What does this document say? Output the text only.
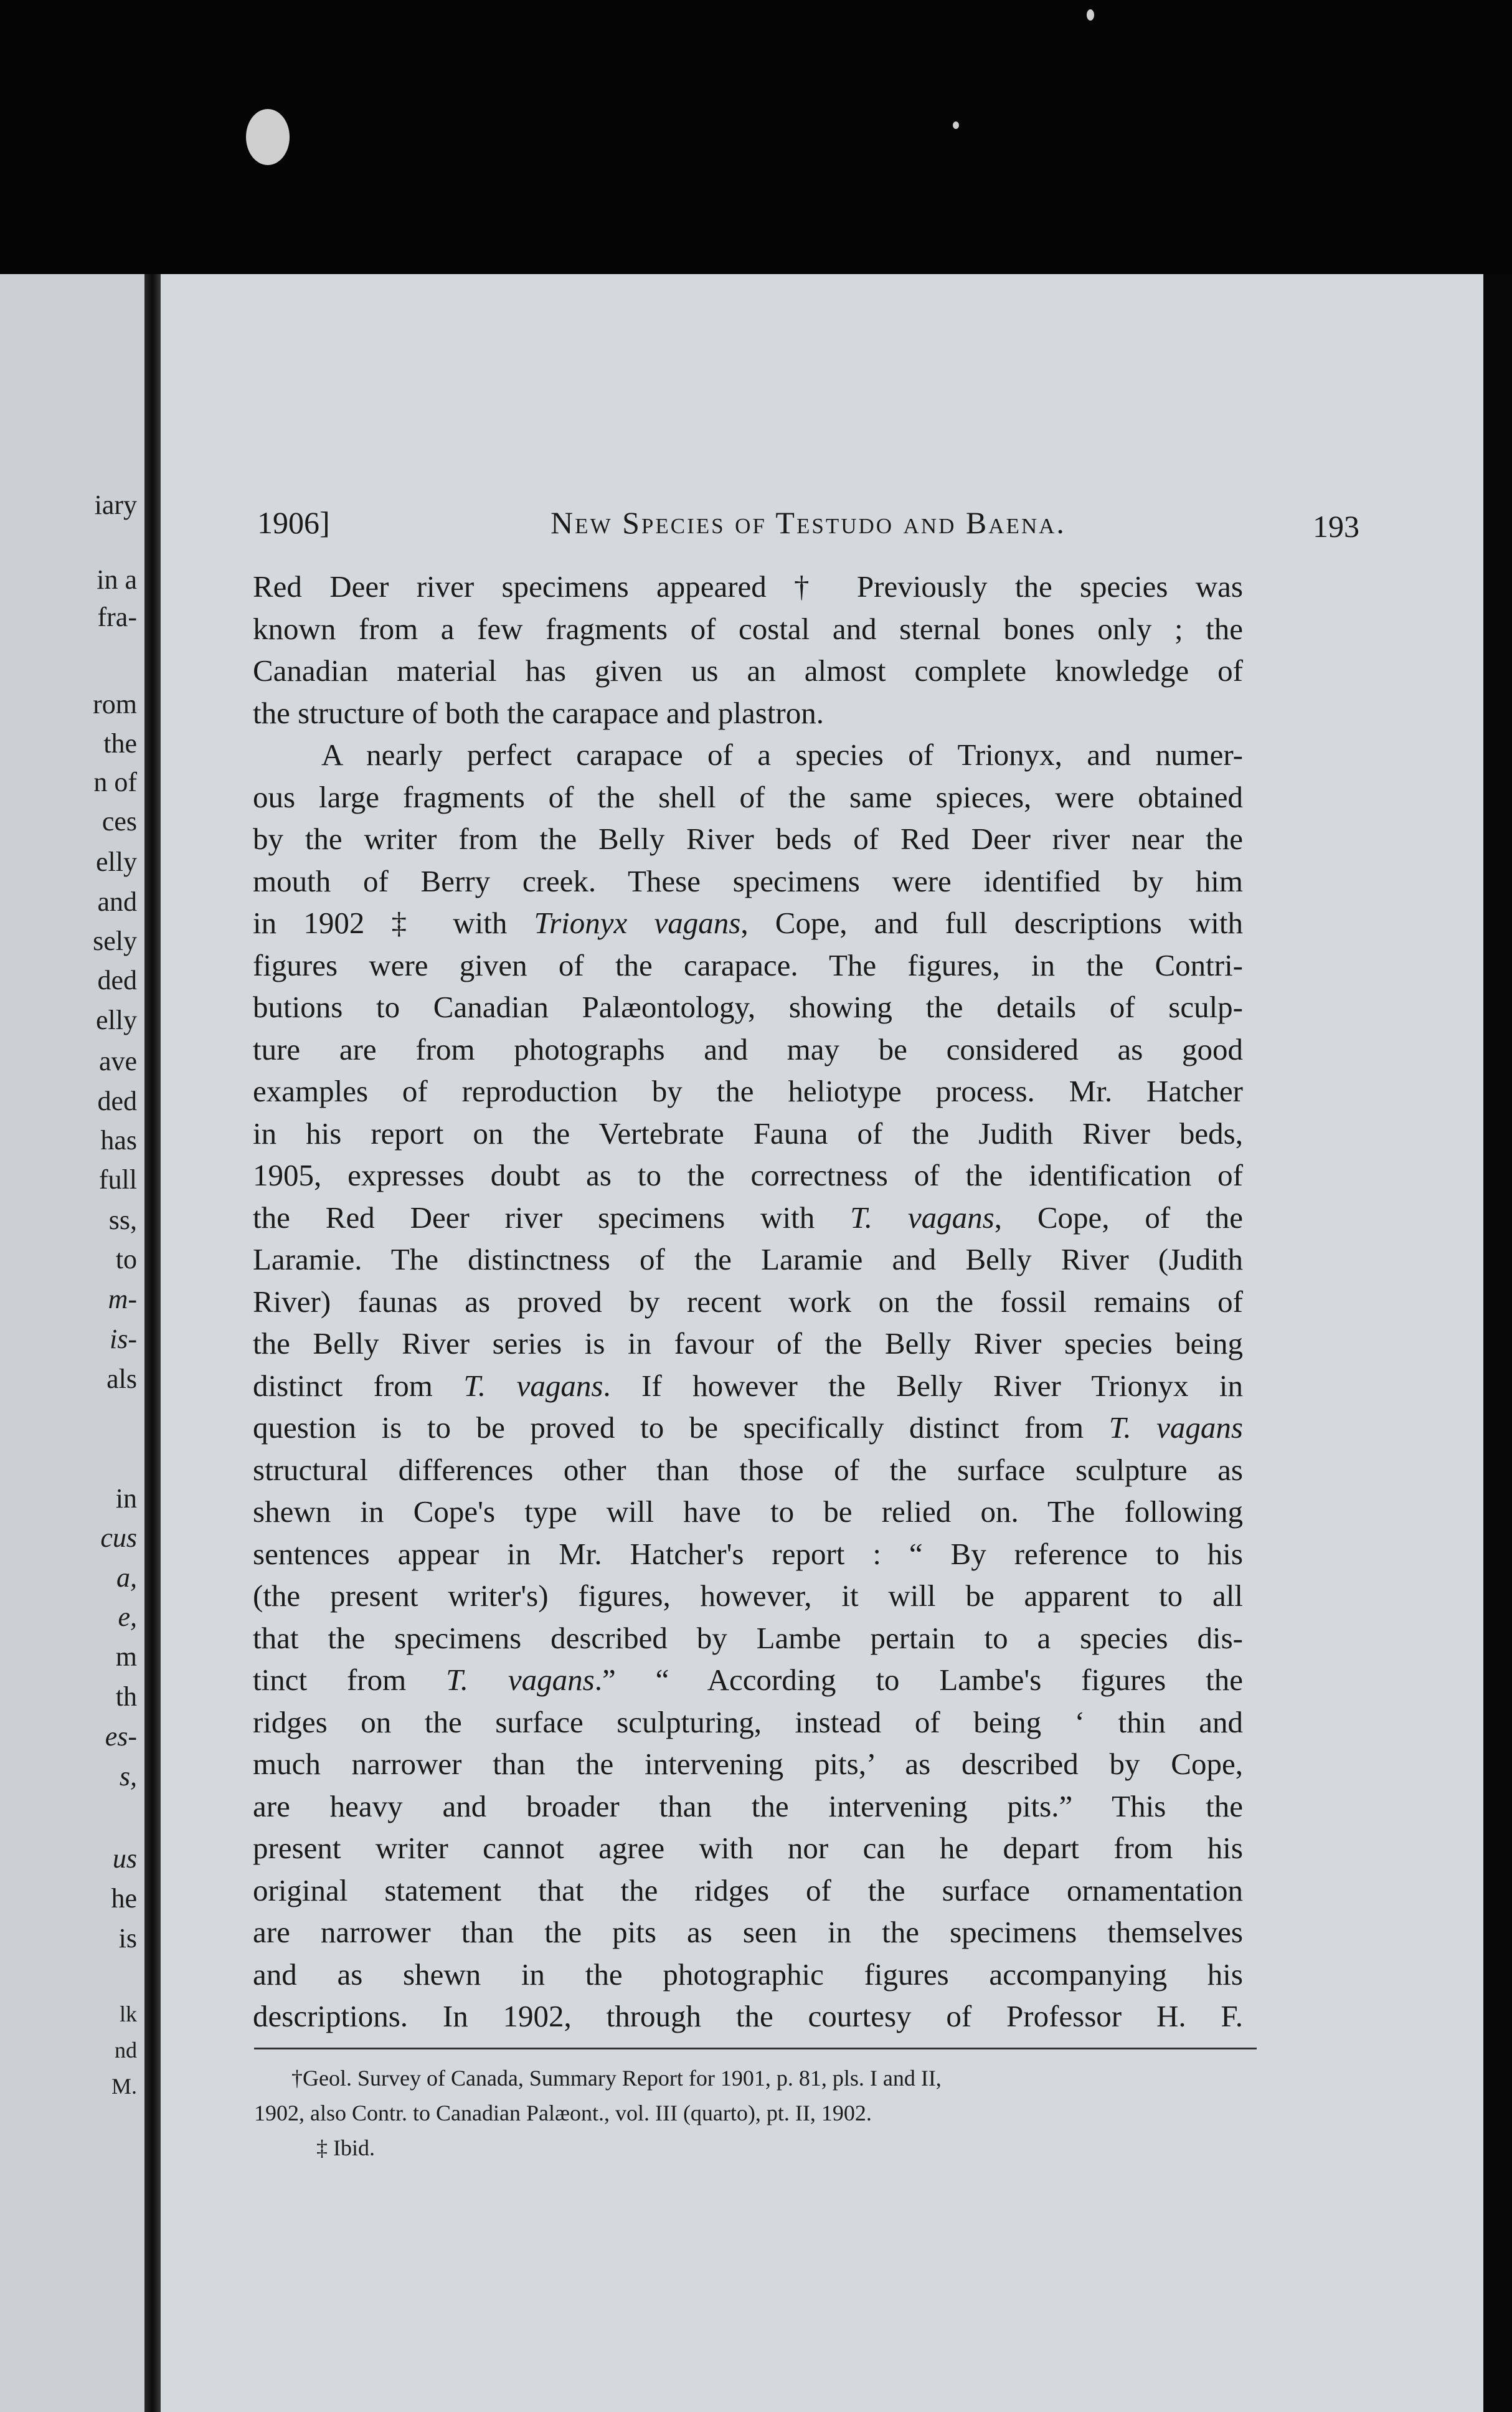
iary
in a
fra-
rom
the
n of
ces
elly
and
sely
ded
elly
ave
ded
has
full
ss,
to
m-
is-
als
in
cus
a,
e,
m
th
es-
s,
us
he
is
lk
nd
M.
1906]	New Species of Testudo and Baena.	193
Red Deer river specimens appeared † Previously the species was
known from a few fragments of costal and sternal bones only ; the
Canadian material has given us an almost complete knowledge of
the structure of both the carapace and plastron.
A nearly perfect carapace of a species of Trionyx, and numer-
ous large fragments of the shell of the same spieces, were obtained
by the writer from the Belly River beds of Red Deer river near the
mouth of Berry creek. These specimens were identified by him
in 1902 ‡ with Trionyx vagans, Cope, and full descriptions with
figures were given of the carapace. The figures, in the Contri-
butions to Canadian Palæontology, showing the details of sculp-
ture are from photographs and may be considered as good
examples of reproduction by the heliotype process. Mr. Hatcher
in his report on the Vertebrate Fauna of the Judith River beds,
1905, expresses doubt as to the correctness of the identification of
the Red Deer river specimens with T. vagans, Cope, of the
Laramie. The distinctness of the Laramie and Belly River (Judith
River) faunas as proved by recent work on the fossil remains of
the Belly River series is in favour of the Belly River species being
distinct from T. vagans. If however the Belly River Trionyx in
question is to be proved to be specifically distinct from T. vagans
structural differences other than those of the surface sculpture as
shewn in Cope's type will have to be relied on. The following
sentences appear in Mr. Hatcher's report : “ By reference to his
(the present writer's) figures, however, it will be apparent to all
that the specimens described by Lambe pertain to a species dis-
tinct from T. vagans.” “ According to Lambe's figures the
ridges on the surface sculpturing, instead of being ‘ thin and
much narrower than the intervening pits,’ as described by Cope,
are heavy and broader than the intervening pits.” This the
present writer cannot agree with nor can he depart from his
original statement that the ridges of the surface ornamentation
are narrower than the pits as seen in the specimens themselves
and as shewn in the photographic figures accompanying his
descriptions. In 1902, through the courtesy of Professor H. F.
†Geol. Survey of Canada, Summary Report for 1901, p. 81, pls. I and II,
1902, also Contr. to Canadian Palæont., vol. III (quarto), pt. II, 1902.
‡ Ibid.
